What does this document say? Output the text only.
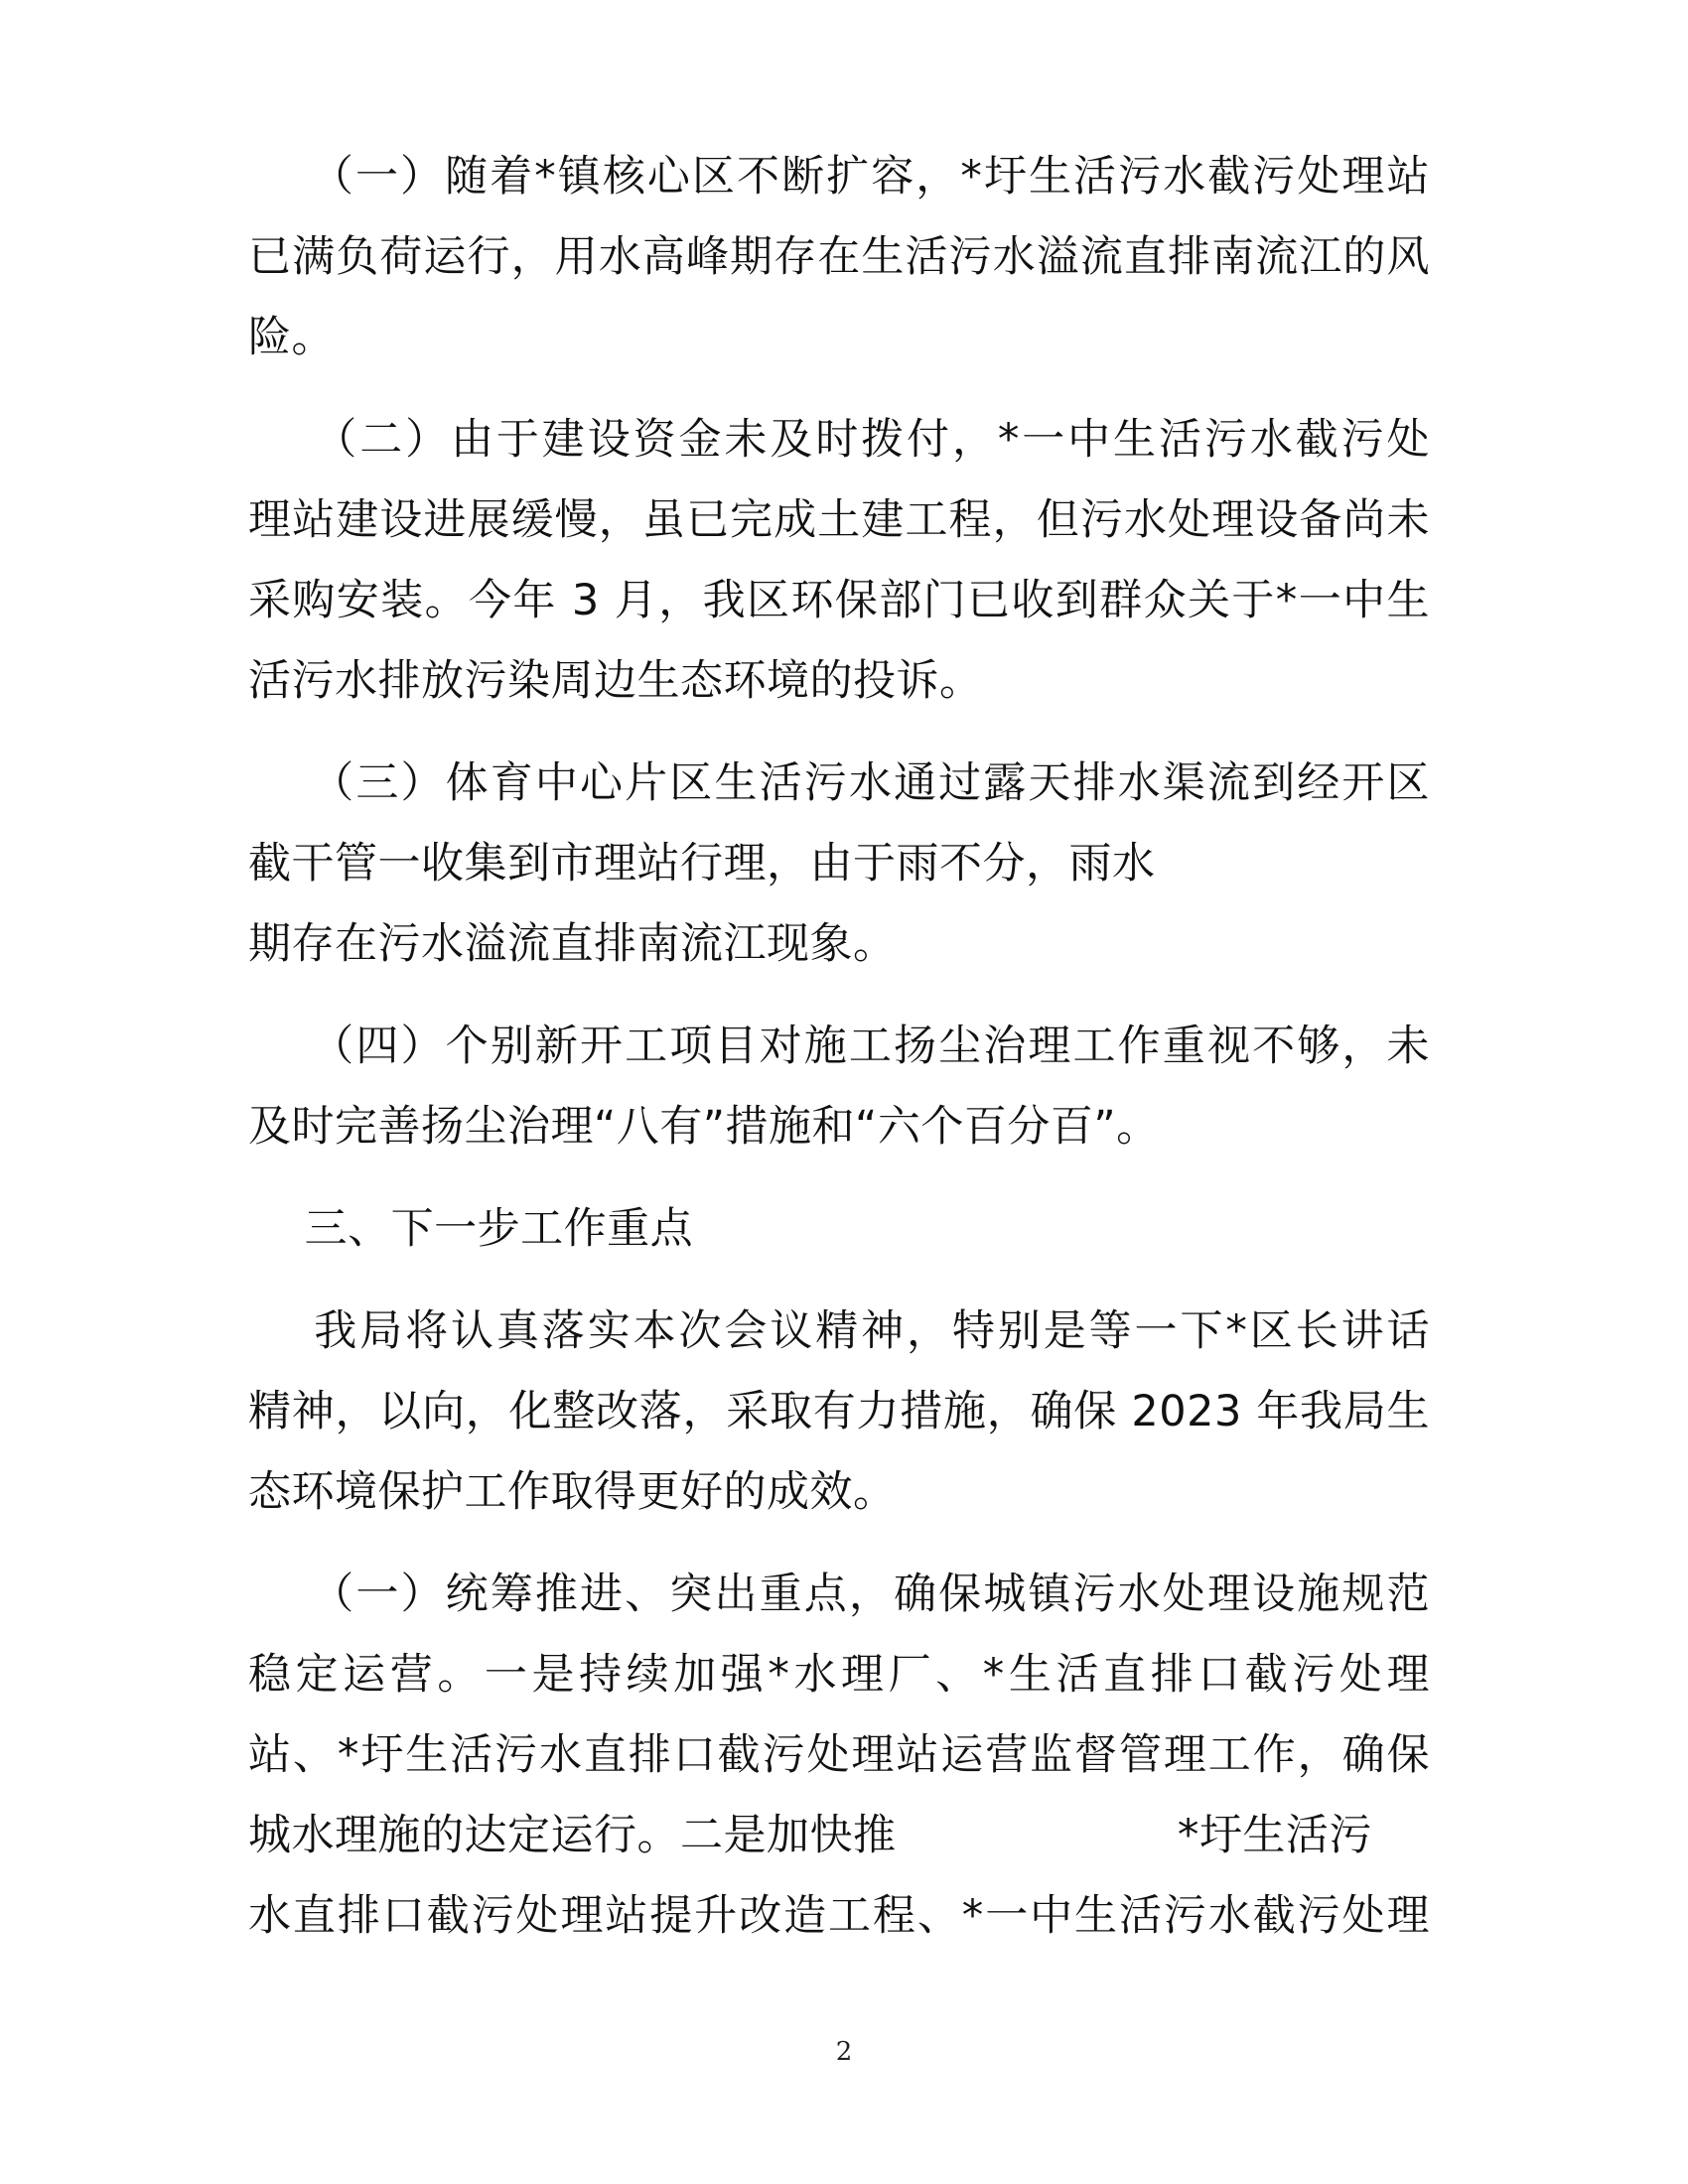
（一）随着*镇核心区不断扩容，*圩生活污水截污处理站
已满负荷运行，用水高峰期存在生活污水溢流直排南流江的风
险。
（二）由于建设资金未及时拨付，*一中生活污水截污处
理站建设进展缓慢，虽已完成土建工程，但污水处理设备尚未
采购安装。今年 3 月，我区环保部门已收到群众关于*一中生
活污水排放污染周边生态环境的投诉。
（三）体育中心片区生活污水通过露天排水渠流到经开区
截干管一收集到市理站行理，由于雨不分，雨水
期存在污水溢流直排南流江现象。
（四）个别新开工项目对施工扬尘治理工作重视不够，未
及时完善扬尘治理“八有”措施和“六个百分百”。
三、下一步工作重点
我局将认真落实本次会议精神，特别是等一下*区长讲话
精神，以向，化整改落，采取有力措施，确保 2023 年我局生
态环境保护工作取得更好的成效。
（一）统筹推进、突出重点，确保城镇污水处理设施规范
稳定运营。一是持续加强*水理厂、*生活直排口截污处理
站、*圩生活污水直排口截污处理站运营监督管理工作，确保
城水理施的达定运行。二是加快推                    *圩生活污
水直排口截污处理站提升改造工程、*一中生活污水截污处理
2
